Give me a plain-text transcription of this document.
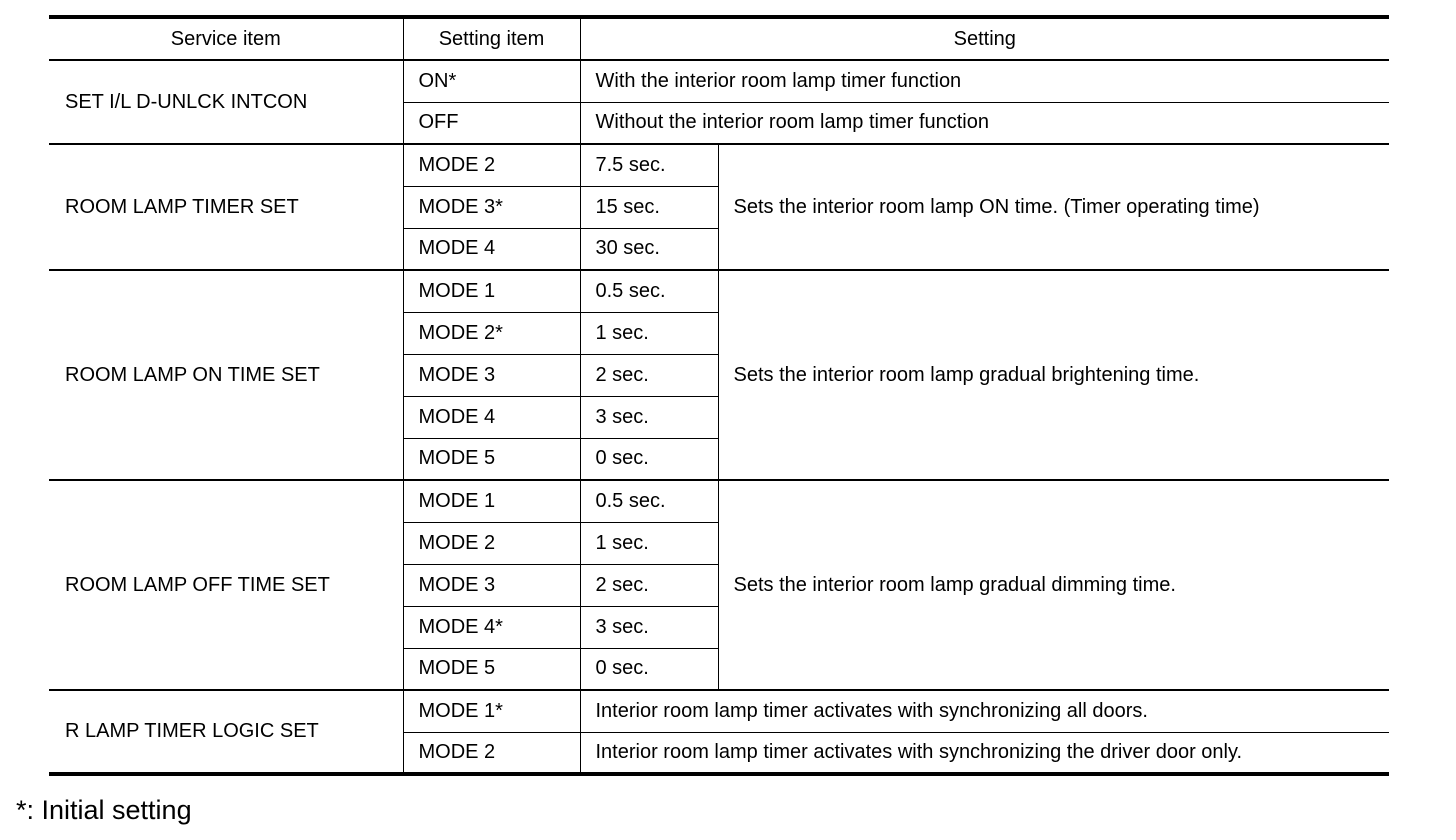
Service item	Setting item	Setting	
SET I/L D-UNLCK INTCON	ON*	With the interior room lamp timer function	
	OFF	Without the interior room lamp timer function	
ROOM LAMP TIMER SET	MODE 2	7.5 sec.	Sets the interior room lamp ON time. (Timer operating time)
	MODE 3*	15 sec.	
	MODE 4	30 sec.	
ROOM LAMP ON TIME SET	MODE 1	0.5 sec.	Sets the interior room lamp gradual brightening time.
	MODE 2*	1 sec.	
	MODE 3	2 sec.	
	MODE 4	3 sec.	
	MODE 5	0 sec.	
ROOM LAMP OFF TIME SET	MODE 1	0.5 sec.	Sets the interior room lamp gradual dimming time.
	MODE 2	1 sec.	
	MODE 3	2 sec.	
	MODE 4*	3 sec.	
	MODE 5	0 sec.	
R LAMP TIMER LOGIC SET	MODE 1*	Interior room lamp timer activates with synchronizing all doors.	
	MODE 2	Interior room lamp timer activates with synchronizing the driver door only.	
*: Initial setting
